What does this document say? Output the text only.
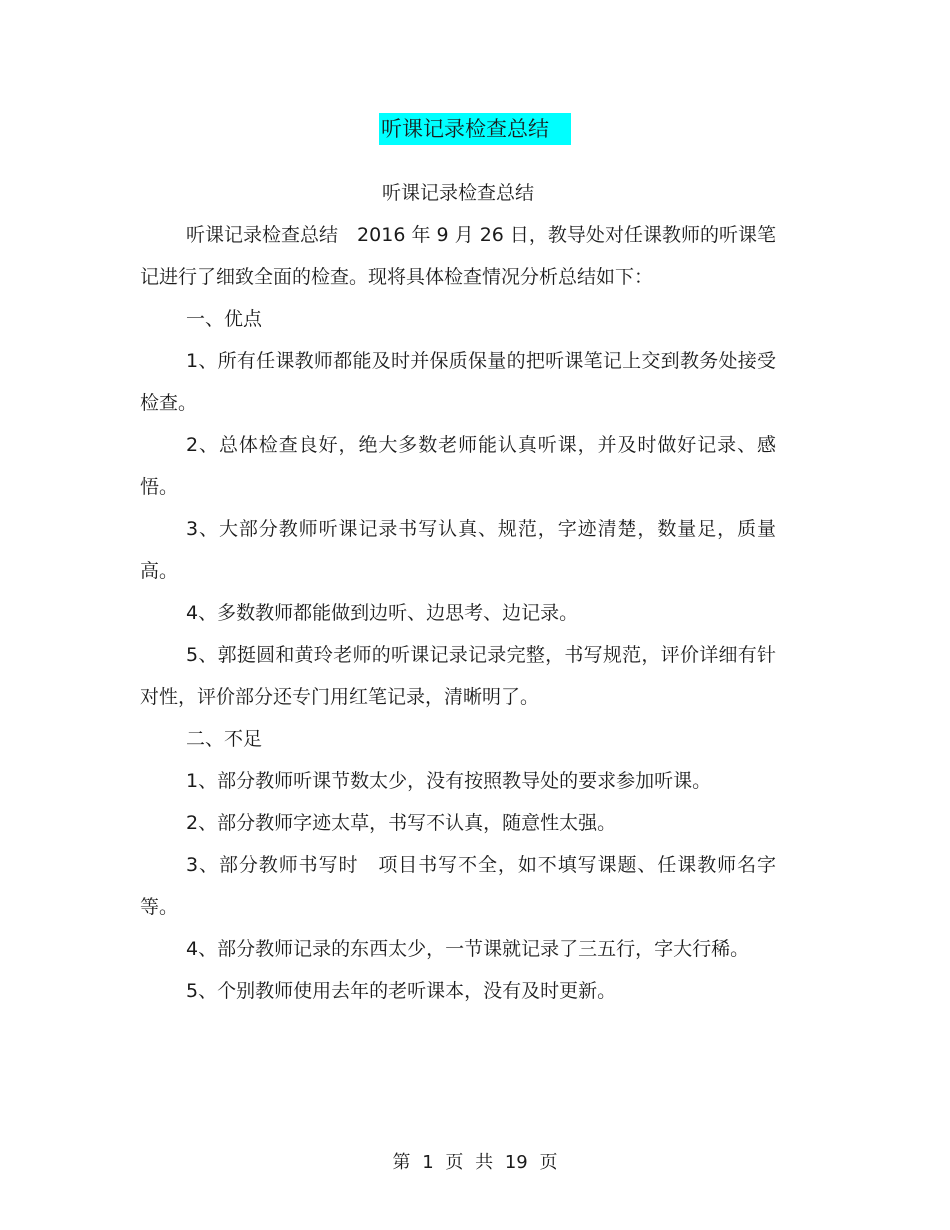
听课记录检查总结

听课记录检查总结

听课记录检查总结　2016 年 9 月 26 日，教导处对任课教师的听课笔记进行了细致全面的检查。现将具体检查情况分析总结如下：

一、优点

1、所有任课教师都能及时并保质保量的把听课笔记上交到教务处接受检查。

2、总体检查良好，绝大多数老师能认真听课，并及时做好记录、感悟。

3、大部分教师听课记录书写认真、规范，字迹清楚，数量足，质量高。

4、多数教师都能做到边听、边思考、边记录。

5、郭挺圆和黄玲老师的听课记录记录完整，书写规范，评价详细有针对性，评价部分还专门用红笔记录，清晰明了。

二、不足

1、部分教师听课节数太少，没有按照教导处的要求参加听课。

2、部分教师字迹太草，书写不认真，随意性太强。

3、部分教师书写时　项目书写不全，如不填写课题、任课教师名字等。

4、部分教师记录的东西太少，一节课就记录了三五行，字大行稀。

5、个别教师使用去年的老听课本，没有及时更新。

第 1 页 共 19 页
